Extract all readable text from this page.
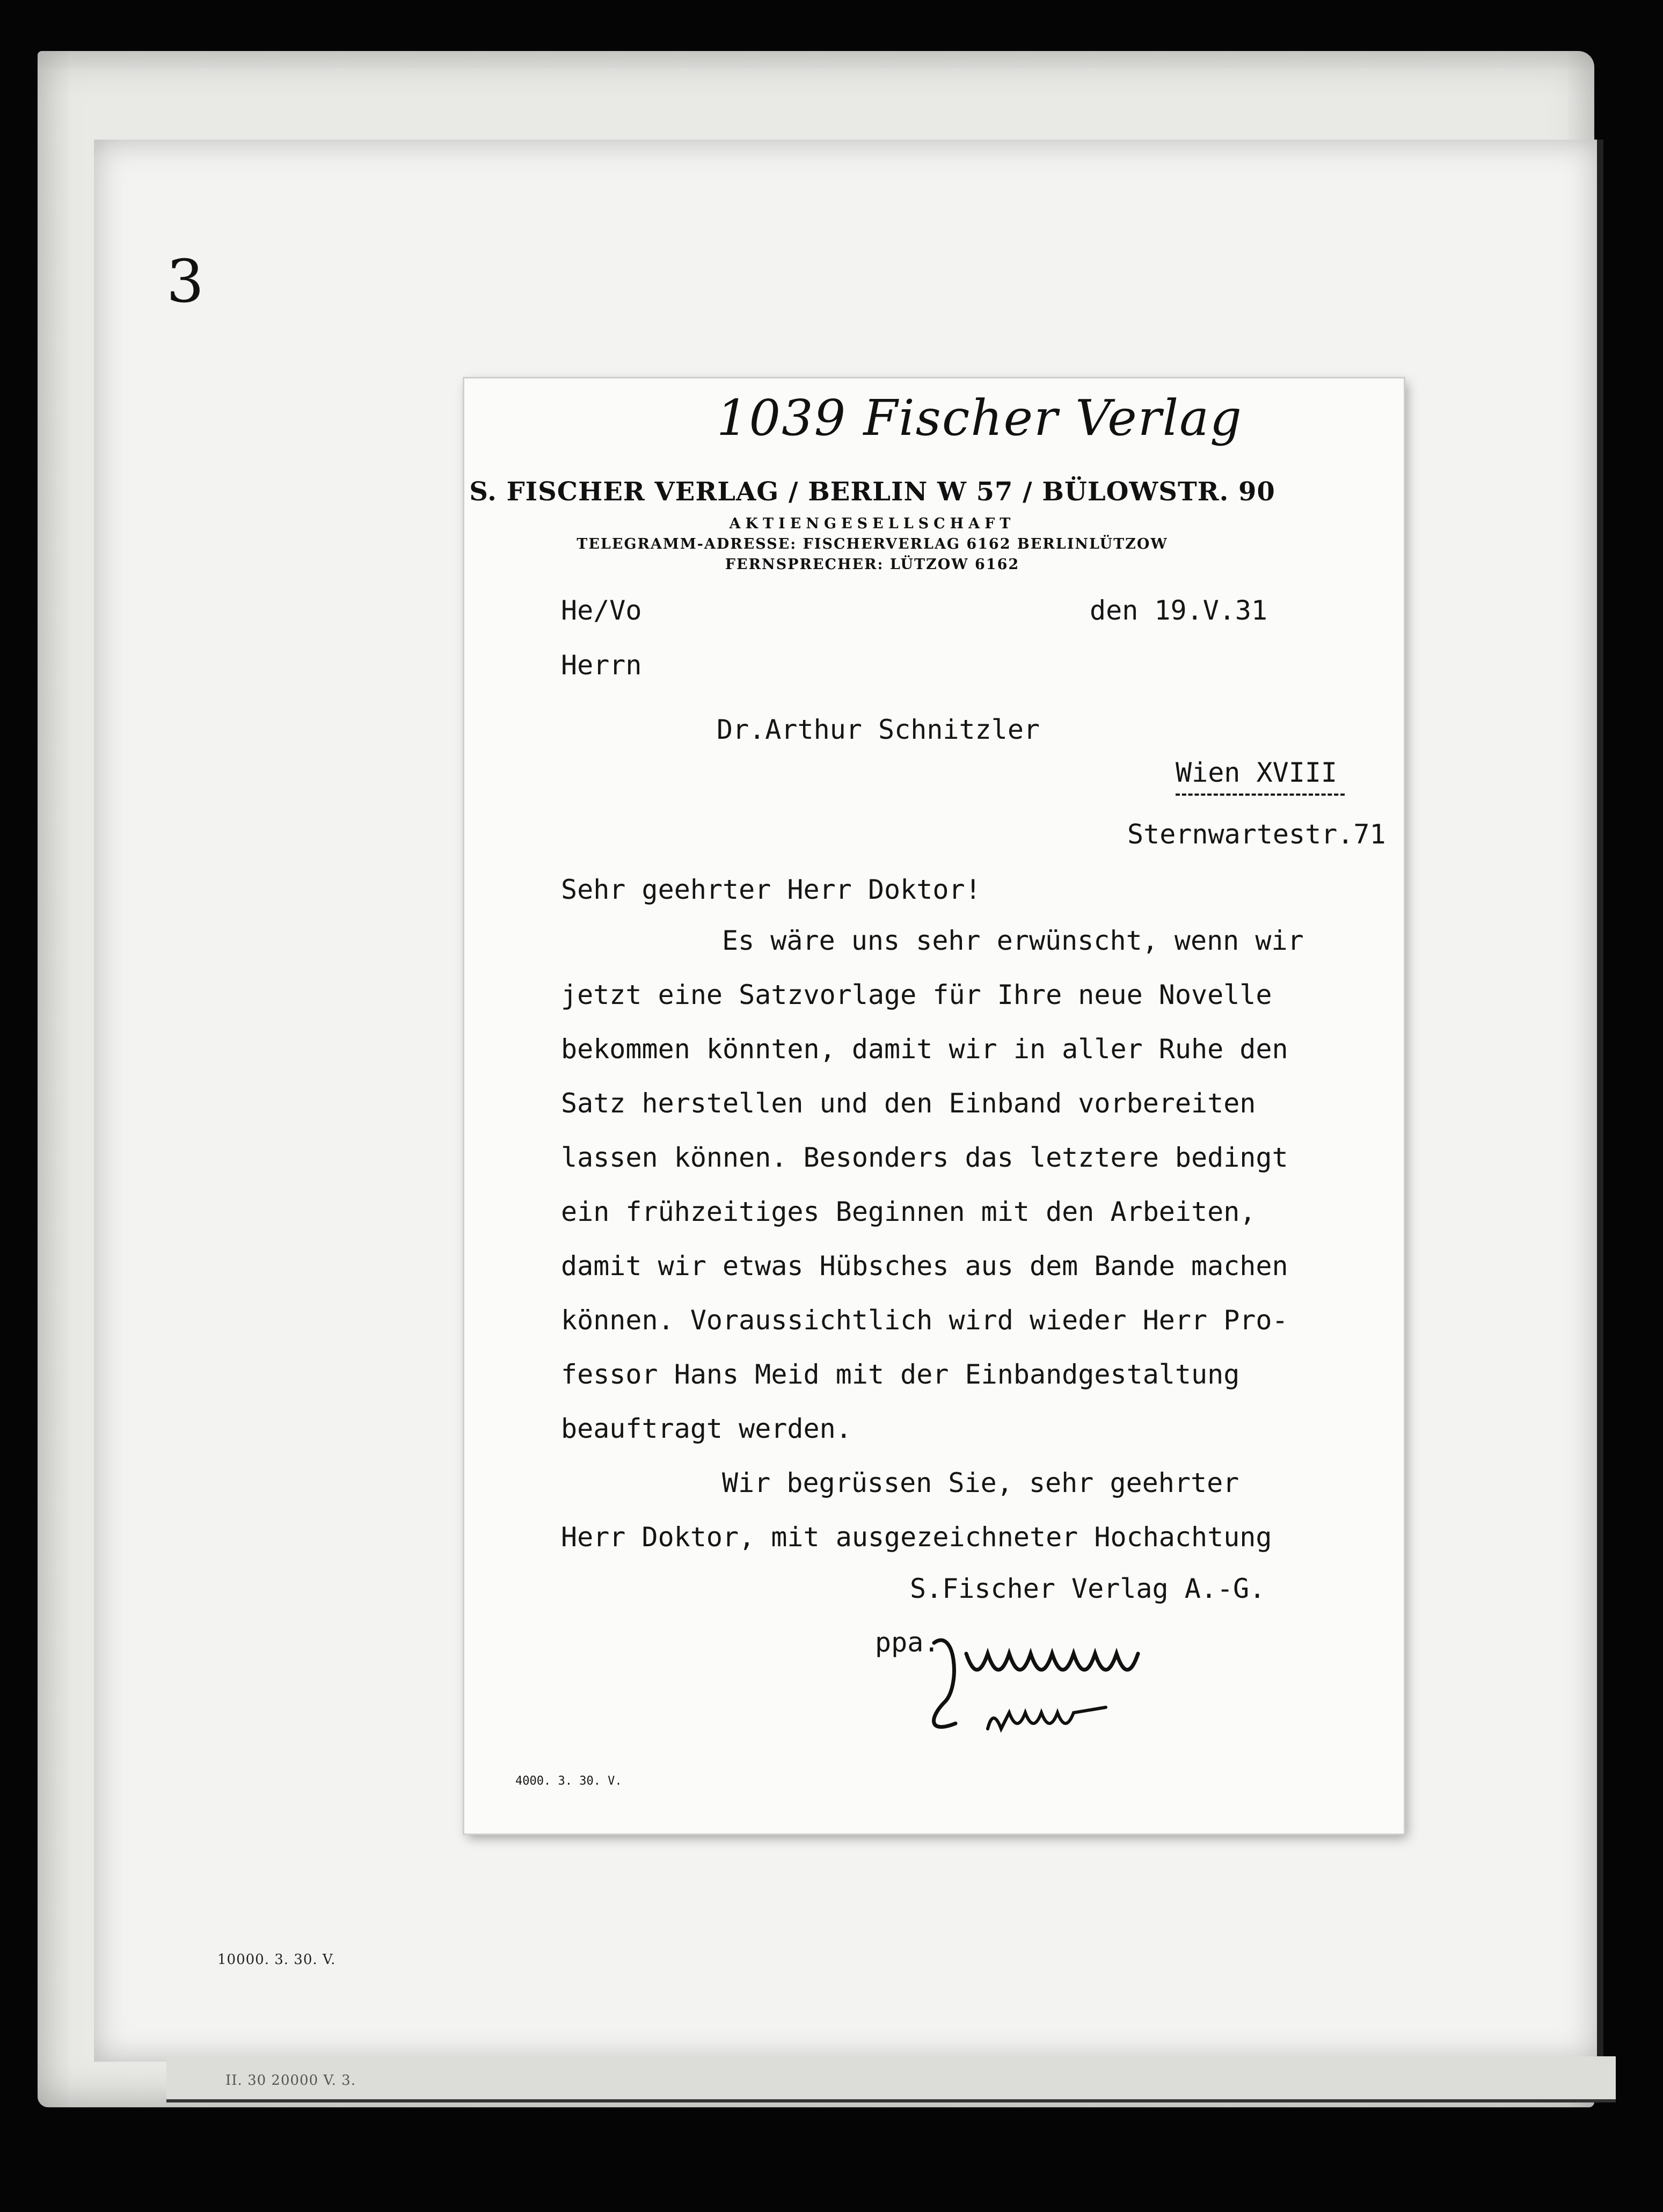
3
10000. 3. 30. V.
II. 30 20000 V. 3.
1039 Fischer Verlag
S. FISCHER VERLAG / BERLIN W 57 / BÜLOWSTR. 90
AKTIENGESELLSCHAFT
TELEGRAMM-ADRESSE: FISCHERVERLAG 6162 BERLINLÜTZOW
FERNSPRECHER: LÜTZOW 6162
He/Vo	den 19.V.31
Herrn
Dr.Arthur Schnitzler
Wien XVIII
Sternwartestr.71
Sehr geehrter Herr Doktor!
Es wäre uns sehr erwünscht, wenn wir
jetzt eine Satzvorlage für Ihre neue Novelle
bekommen könnten, damit wir in aller Ruhe den
Satz herstellen und den Einband vorbereiten
lassen können. Besonders das letztere bedingt
ein frühzeitiges Beginnen mit den Arbeiten,
damit wir etwas Hübsches aus dem Bande machen
können. Voraussichtlich wird wieder Herr Pro-
fessor Hans Meid mit der Einbandgestaltung
beauftragt werden.
Wir begrüssen Sie, sehr geehrter
Herr Doktor, mit ausgezeichneter Hochachtung
S.Fischer Verlag A.-G.
ppa.
4000. 3. 30. V.
